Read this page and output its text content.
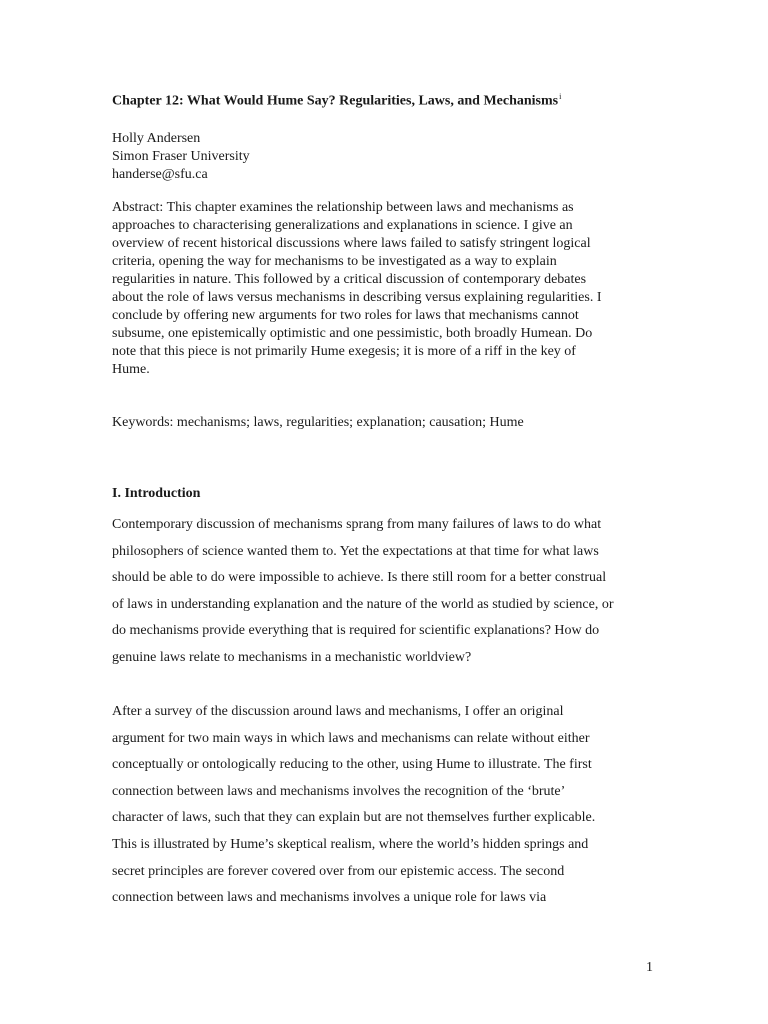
Chapter 12: What Would Hume Say? Regularities, Laws, and Mechanisms$^i$
Holly Andersen
Simon Fraser University
handerse@sfu.ca
Abstract: This chapter examines the relationship between laws and mechanisms as
approaches to characterising generalizations and explanations in science. I give an
overview of recent historical discussions where laws failed to satisfy stringent logical
criteria, opening the way for mechanisms to be investigated as a way to explain
regularities in nature. This followed by a critical discussion of contemporary debates
about the role of laws versus mechanisms in describing versus explaining regularities. I
conclude by offering new arguments for two roles for laws that mechanisms cannot
subsume, one epistemically optimistic and one pessimistic, both broadly Humean. Do
note that this piece is not primarily Hume exegesis; it is more of a riff in the key of
Hume.
Keywords: mechanisms; laws, regularities; explanation; causation; Hume
I. Introduction
Contemporary discussion of mechanisms sprang from many failures of laws to do what
philosophers of science wanted them to. Yet the expectations at that time for what laws
should be able to do were impossible to achieve. Is there still room for a better construal
of laws in understanding explanation and the nature of the world as studied by science, or
do mechanisms provide everything that is required for scientific explanations? How do
genuine laws relate to mechanisms in a mechanistic worldview?
After a survey of the discussion around laws and mechanisms, I offer an original
argument for two main ways in which laws and mechanisms can relate without either
conceptually or ontologically reducing to the other, using Hume to illustrate. The first
connection between laws and mechanisms involves the recognition of the ‘brute’
character of laws, such that they can explain but are not themselves further explicable.
This is illustrated by Hume’s skeptical realism, where the world’s hidden springs and
secret principles are forever covered over from our epistemic access. The second
connection between laws and mechanisms involves a unique role for laws via
1
